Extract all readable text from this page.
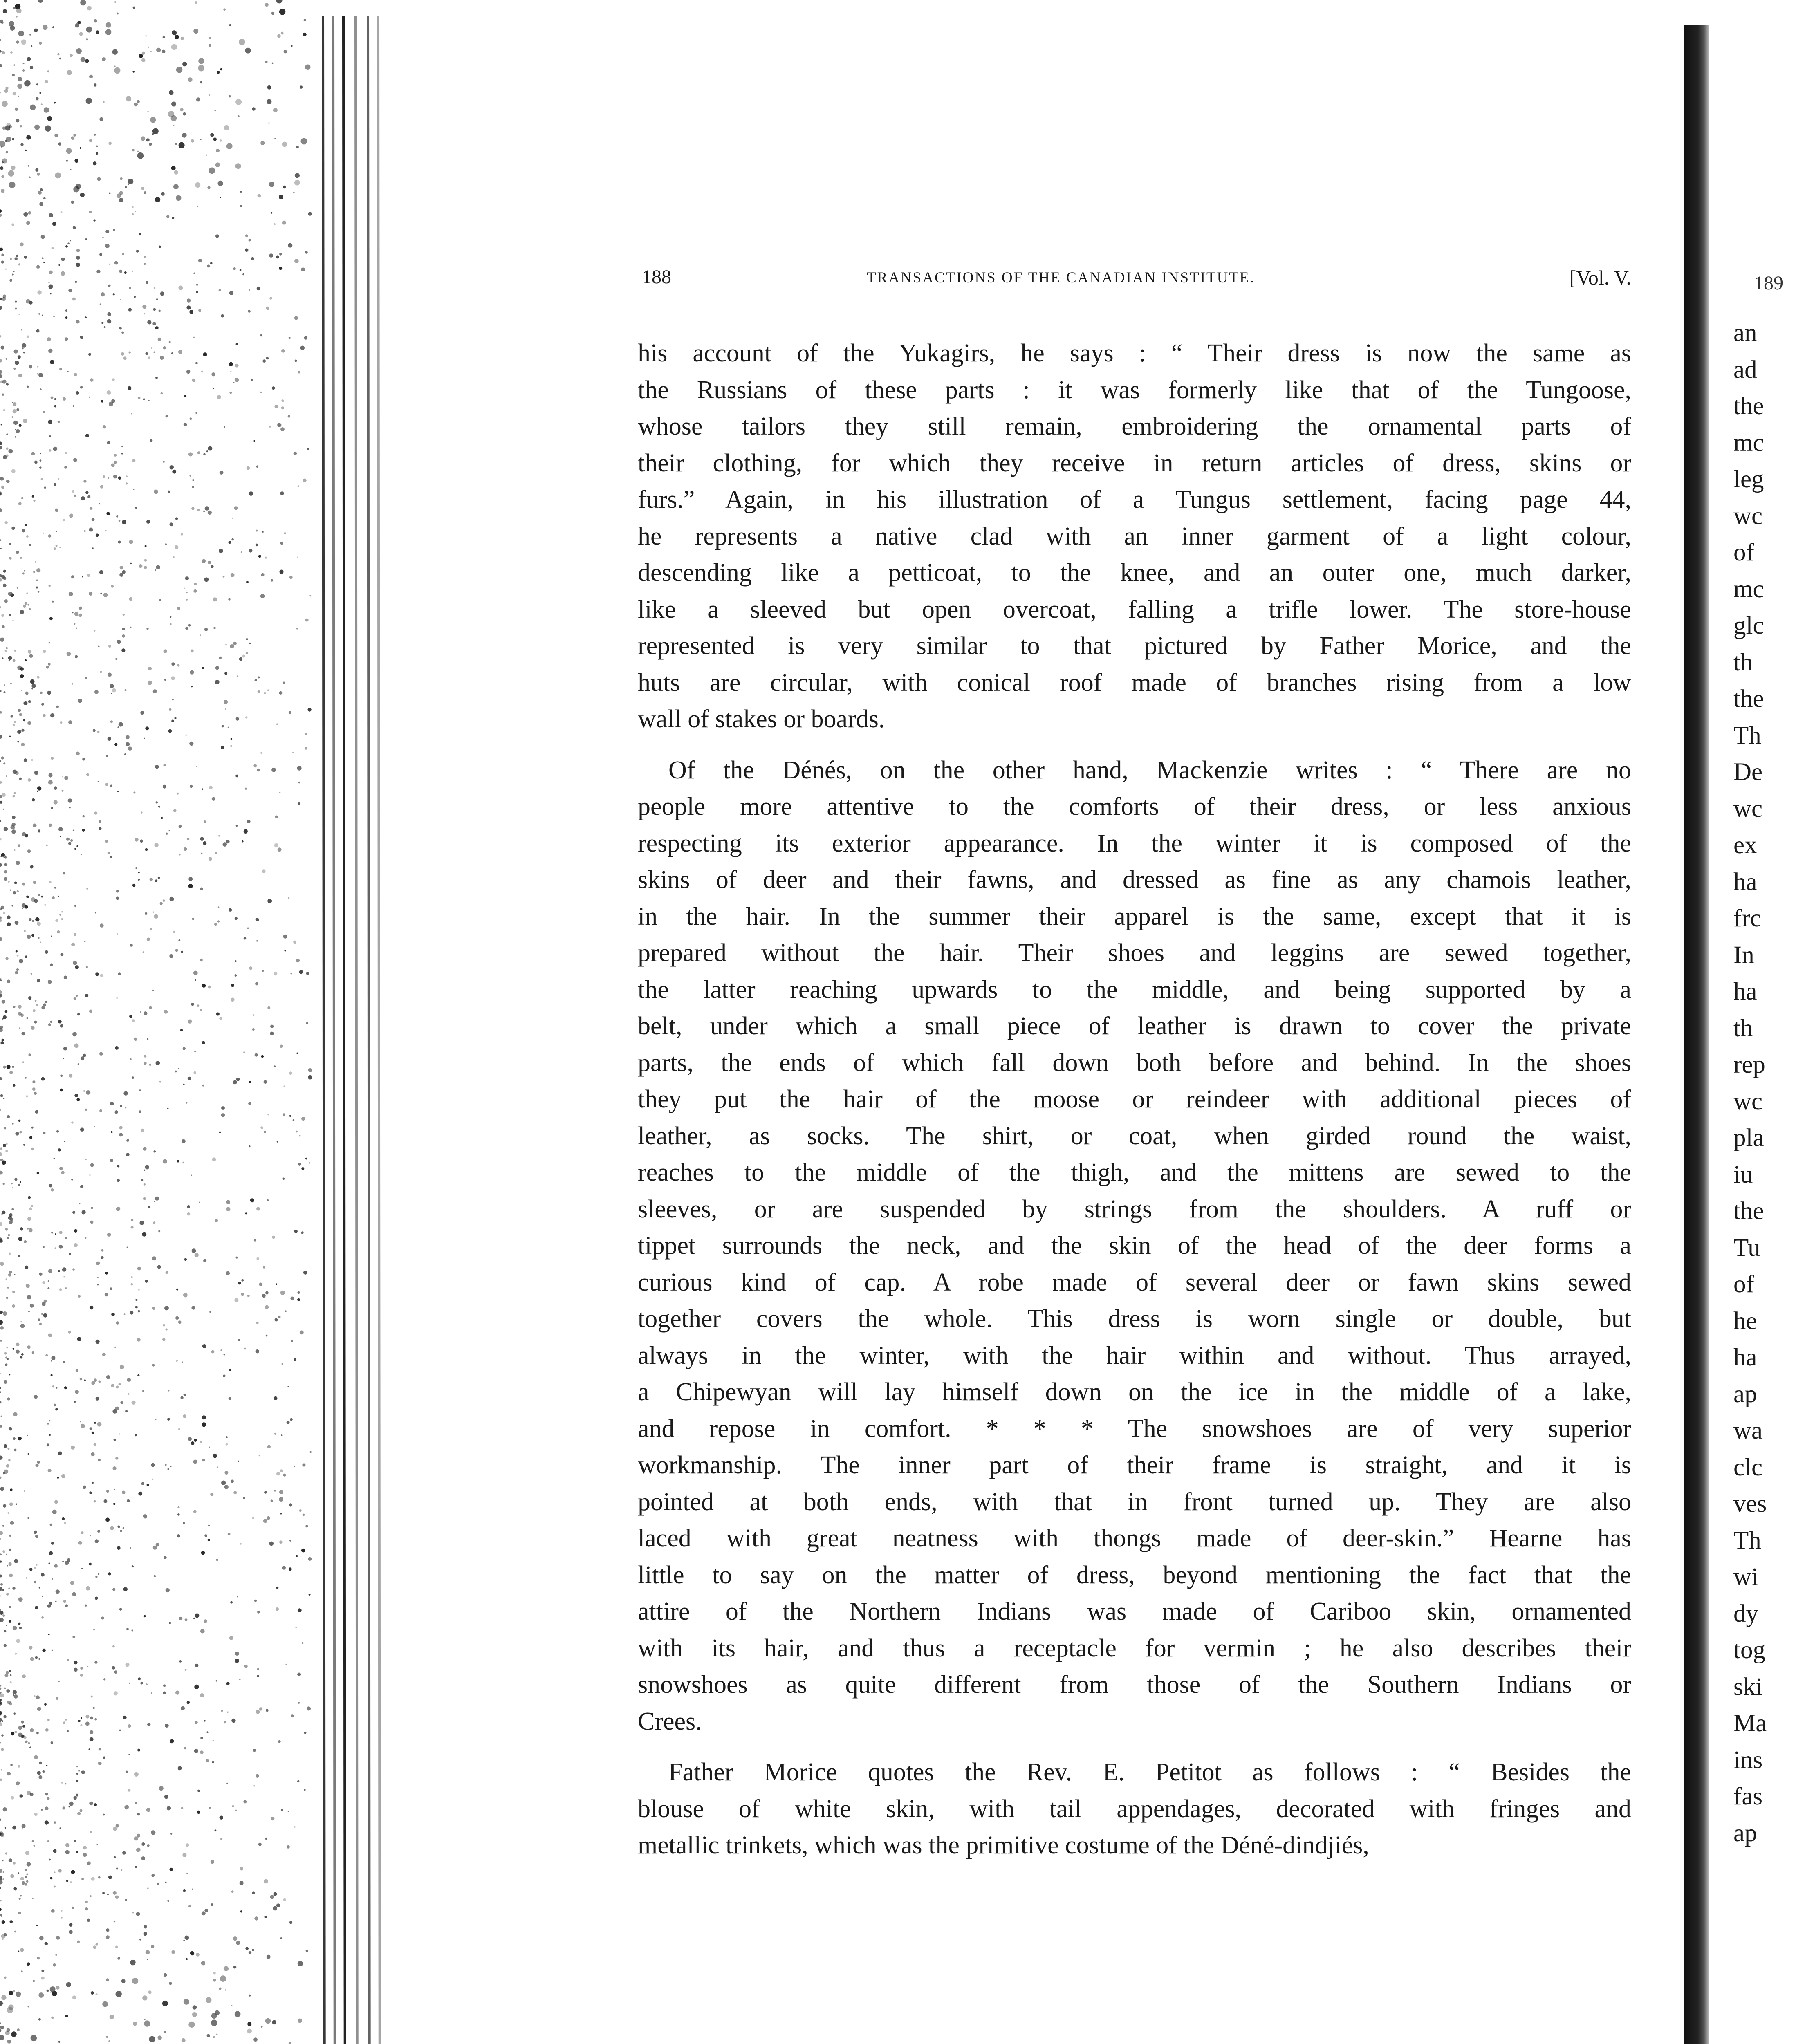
189
an
ad
the
mc
leg
wc
of
mc
glc
th
the
Th
De
wc
ex
ha
frc
In
ha
th
rep
wc
pla
iu
the
Tu
of
he
ha
ap
wa
clc
ves
Th
wi
dy
tog
ski
Ma
ins
fas
ap
188	TRANSACTIONS OF THE CANADIAN INSTITUTE.	[Vol. V.
his account of the Yukagirs, he says : “ Their dress is now the same as
the Russians of these parts : it was formerly like that of the Tungoose,
whose tailors they still remain, embroidering the ornamental parts of
their clothing, for which they receive in return articles of dress, skins or
furs.” Again, in his illustration of a Tungus settlement, facing page 44,
he represents a native clad with an inner garment of a light colour,
descending like a petticoat, to the knee, and an outer one, much darker,
like a sleeved but open overcoat, falling a trifle lower. The store-house
represented is very similar to that pictured by Father Morice, and the
huts are circular, with conical roof made of branches rising from a low
wall of stakes or boards.
Of the Dénés, on the other hand, Mackenzie writes : “ There are no
people more attentive to the comforts of their dress, or less anxious
respecting its exterior appearance. In the winter it is composed of the
skins of deer and their fawns, and dressed as fine as any chamois leather,
in the hair. In the summer their apparel is the same, except that it is
prepared without the hair. Their shoes and leggins are sewed together,
the latter reaching upwards to the middle, and being supported by a
belt, under which a small piece of leather is drawn to cover the private
parts, the ends of which fall down both before and behind. In the shoes
they put the hair of the moose or reindeer with additional pieces of
leather, as socks. The shirt, or coat, when girded round the waist,
reaches to the middle of the thigh, and the mittens are sewed to the
sleeves, or are suspended by strings from the shoulders. A ruff or
tippet surrounds the neck, and the skin of the head of the deer forms a
curious kind of cap. A robe made of several deer or fawn skins sewed
together covers the whole. This dress is worn single or double, but
always in the winter, with the hair within and without. Thus arrayed,
a Chipewyan will lay himself down on the ice in the middle of a lake,
and repose in comfort. * * * The snowshoes are of very superior
workmanship. The inner part of their frame is straight, and it is
pointed at both ends, with that in front turned up. They are also
laced with great neatness with thongs made of deer-skin.” Hearne has
little to say on the matter of dress, beyond mentioning the fact that the
attire of the Northern Indians was made of Cariboo skin, ornamented
with its hair, and thus a receptacle for vermin ; he also describes their
snowshoes as quite different from those of the Southern Indians or
Crees.
Father Morice quotes the Rev. E. Petitot as follows : “ Besides the
blouse of white skin, with tail appendages, decorated with fringes and
metallic trinkets, which was the primitive costume of the Déné-dindjiés,
